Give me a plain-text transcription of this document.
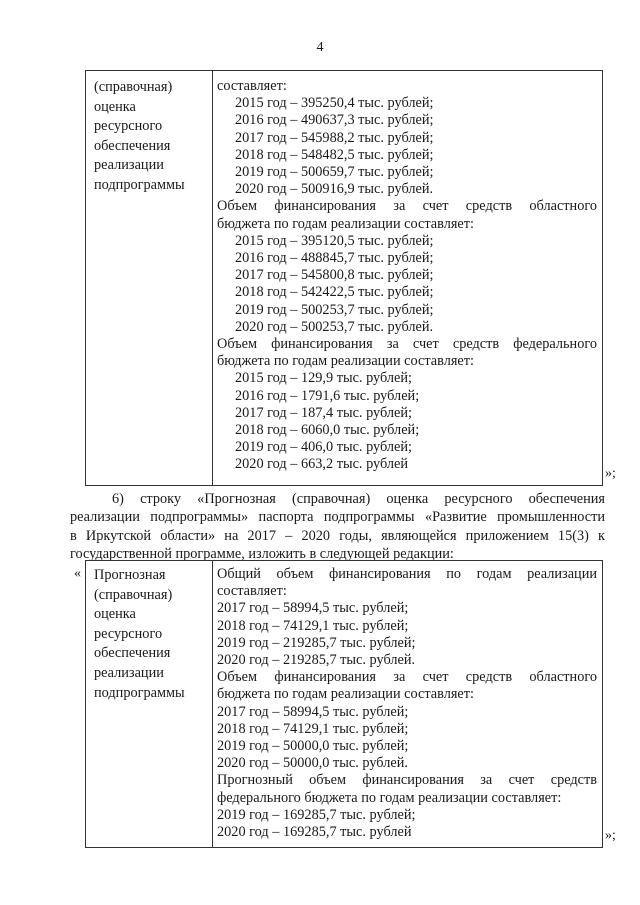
4
(справочная)
оценка
ресурсного
обеспечения
реализации
подпрограммы
составляет:
2015 год – 395250,4 тыс. рублей;
2016 год – 490637,3 тыс. рублей;
2017 год – 545988,2 тыс. рублей;
2018 год – 548482,5 тыс. рублей;
2019 год – 500659,7 тыс. рублей;
2020 год – 500916,9 тыс. рублей.
Объем финансирования за счет средств областного
бюджета по годам реализации составляет:
2015 год – 395120,5 тыс. рублей;
2016 год – 488845,7 тыс. рублей;
2017 год – 545800,8 тыс. рублей;
2018 год – 542422,5 тыс. рублей;
2019 год – 500253,7 тыс. рублей;
2020 год – 500253,7 тыс. рублей.
Объем финансирования за счет средств федерального
бюджета по годам реализации составляет:
2015 год – 129,9 тыс. рублей;
2016 год – 1791,6 тыс. рублей;
2017 год – 187,4 тыс. рублей;
2018 год – 6060,0 тыс. рублей;
2019 год – 406,0 тыс. рублей;
2020 год – 663,2 тыс. рублей
»;
6) строку «Прогнозная (справочная) оценка ресурсного обеспечения
реализации подпрограммы» паспорта подпрограммы «Развитие промышленности
в Иркутской области» на 2017 – 2020 годы, являющейся приложением 15(3) к
государственной программе, изложить в следующей редакции:
« Прогнозная
(справочная)
оценка
ресурсного
обеспечения
реализации
подпрограммы
Общий объем финансирования по годам реализации
составляет:
2017 год – 58994,5 тыс. рублей;
2018 год – 74129,1 тыс. рублей;
2019 год – 219285,7 тыс. рублей;
2020 год – 219285,7 тыс. рублей.
Объем финансирования за счет средств областного
бюджета по годам реализации составляет:
2017 год – 58994,5 тыс. рублей;
2018 год – 74129,1 тыс. рублей;
2019 год – 50000,0 тыс. рублей;
2020 год – 50000,0 тыс. рублей.
Прогнозный объем финансирования за счет средств
федерального бюджета по годам реализации составляет:
2019 год – 169285,7 тыс. рублей;
2020 год – 169285,7 тыс. рублей	»;
